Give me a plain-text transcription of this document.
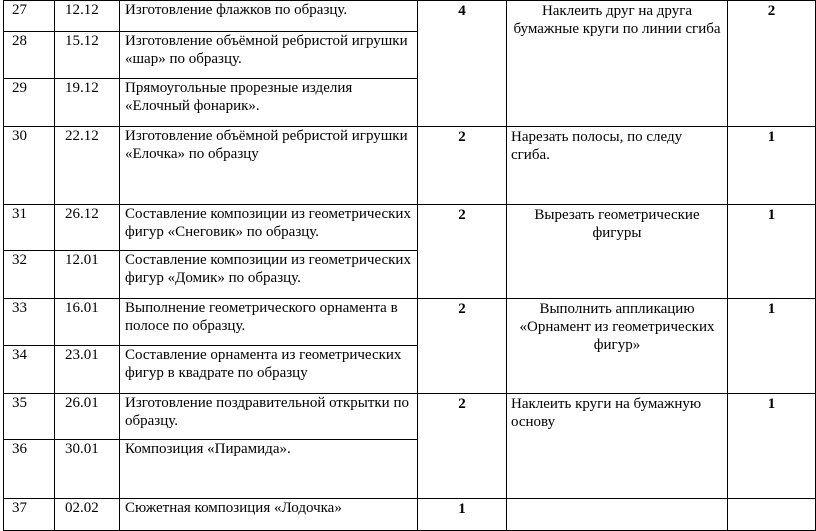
27	12.12	Изготовление флажков по образцу.	4	Наклеить друг на друга бумажные круги по линии сгиба	2
28	15.12	Изготовление объёмной ребристой игрушки «шар» по образцу.			
29	19.12	Прямоугольные прорезные изделия «Елочный фонарик».			
30	22.12	Изготовление объёмной ребристой игрушки «Елочка» по образцу	2	Нарезать полосы, по следу сгиба.	1
31	26.12	Составление композиции из геометрических фигур «Снеговик» по образцу.	2	Вырезать геометрические фигуры	1
32	12.01	Составление композиции из геометрических фигур «Домик» по образцу.			
33	16.01	Выполнение геометрического орнамента в полосе по образцу.	2	Выполнить аппликацию «Орнамент из геометрических фигур»	1
34	23.01	Составление орнамента из геометрических фигур в квадрате по образцу			
35	26.01	Изготовление поздравительной открытки по образцу.	2	Наклеить круги на бумажную основу	1
36	30.01	Композиция «Пирамида».			
37	02.02	Сюжетная композиция «Лодочка»	1		
